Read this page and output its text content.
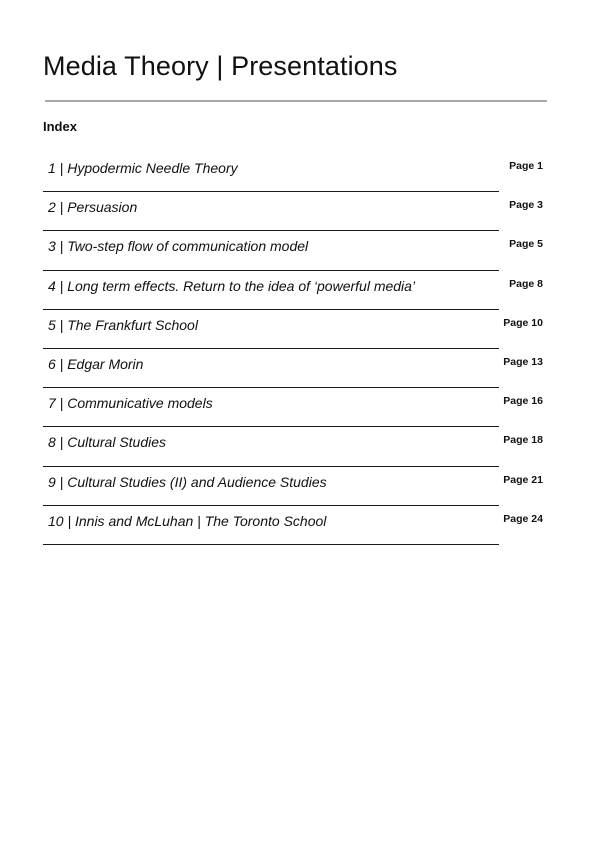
Media Theory | Presentations
Index
1 | Hypodermic Needle Theory	Page 1
2 | Persuasion	Page 3
3 | Two-step flow of communication model	Page 5
4 | Long term effects. Return to the idea of ‘powerful media’	Page 8
5 | The Frankfurt School	Page 10
6 | Edgar Morin	Page 13
7 | Communicative models	Page 16
8 | Cultural Studies	Page 18
9 | Cultural Studies (II) and Audience Studies	Page 21
10 | Innis and McLuhan | The Toronto School	Page 24
